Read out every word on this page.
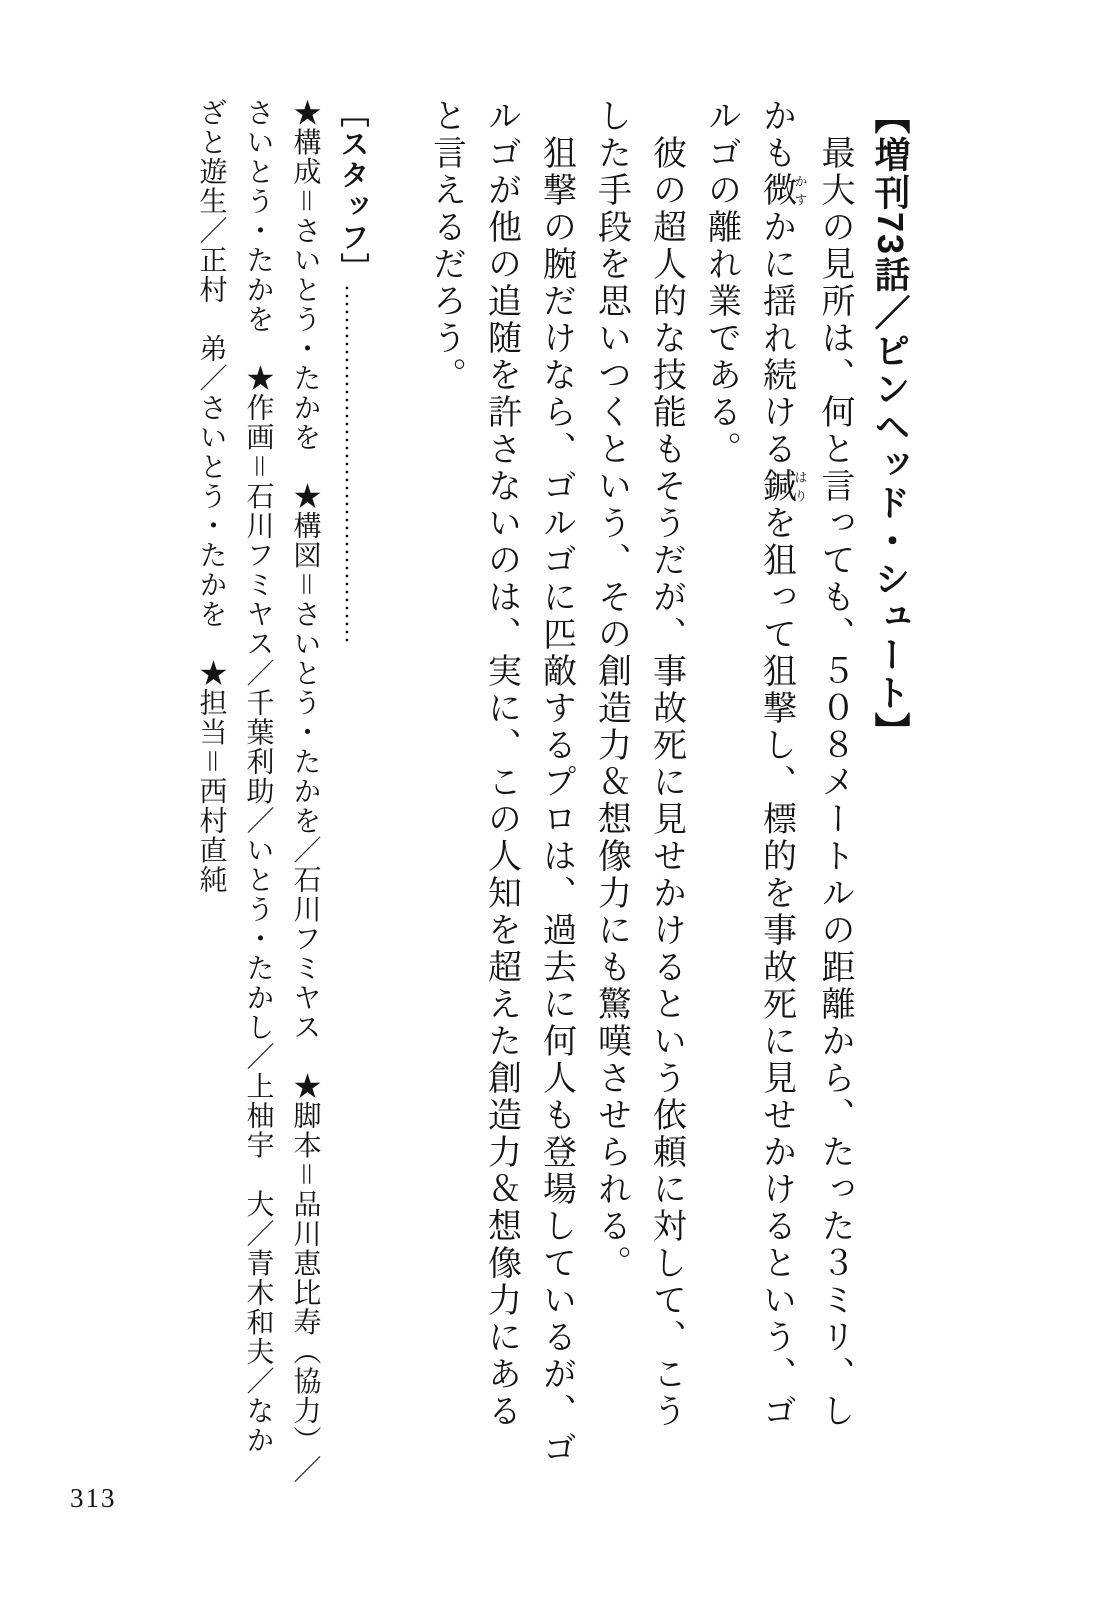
【増刊73話／ピンヘッド・シュート】
最大の見所は、何と言っても、５０８メートルの距離から、たった３ミリ、し
かも微かすかに揺れ続ける鍼はりを狙って狙撃し、標的を事故死に見せかけるという、ゴ
ルゴの離れ業である。
彼の超人的な技能もそうだが、事故死に見せかけるという依頼に対して、こう
した手段を思いつくという、その創造力＆想像力にも驚嘆させられる。
狙撃の腕だけなら、ゴルゴに匹敵するプロは、過去に何人も登場しているが、ゴ
ルゴが他の追随を許さないのは、実に、この人知を超えた創造力＆想像力にある
と言えるだろう。
［スタッフ］………………………………………
★構成＝さいとう・たかを　★構図＝さいとう・たかを／石川フミヤス　★脚本＝品川恵比寿（協力）／
さいとう・たかを　★作画＝石川フミヤス／千葉利助／いとう・たかし／上柚宇　大／青木和夫／なか
ざと遊生／正村　弟／さいとう・たかを　★担当＝西村直純
313
